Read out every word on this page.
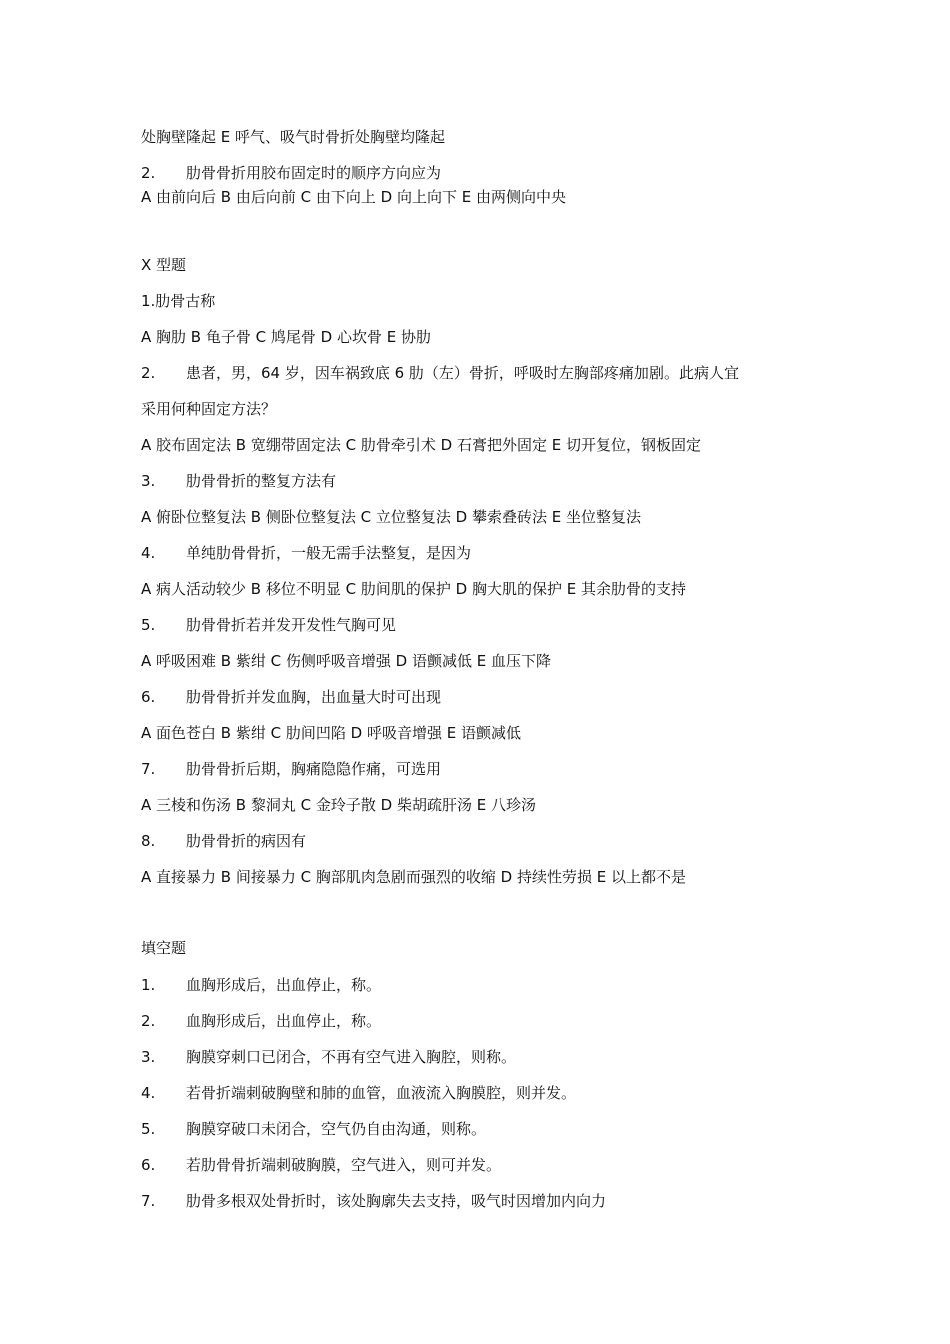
处胸壁隆起 E 呼气、吸气时骨折处胸壁均隆起
2. 肋骨骨折用胶布固定时的顺序方向应为
A 由前向后 B 由后向前 C 由下向上 D 向上向下 E 由两侧向中央
X 型题
1.肋骨古称
A 胸肋 B 龟子骨 C 鸠尾骨 D 心坎骨 E 协肋
2. 患者，男，64 岁，因车祸致底 6 肋（左）骨折，呼吸时左胸部疼痛加剧。此病人宜
采用何种固定方法？
A 胶布固定法 B 宽绷带固定法 C 肋骨牵引术 D 石膏把外固定 E 切开复位，钢板固定
3. 肋骨骨折的整复方法有
A 俯卧位整复法 B 侧卧位整复法 C 立位整复法 D 攀索叠砖法 E 坐位整复法
4. 单纯肋骨骨折，一般无需手法整复，是因为
A 病人活动较少 B 移位不明显 C 肋间肌的保护 D 胸大肌的保护 E 其余肋骨的支持
5. 肋骨骨折若并发开发性气胸可见
A 呼吸困难 B 紫绀 C 伤侧呼吸音增强 D 语颤减低 E 血压下降
6. 肋骨骨折并发血胸，出血量大时可出现
A 面色苍白 B 紫绀 C 肋间凹陷 D 呼吸音增强 E 语颤减低
7. 肋骨骨折后期，胸痛隐隐作痛，可选用
A 三棱和伤汤 B 黎洞丸 C 金玲子散 D 柴胡疏肝汤 E 八珍汤
8. 肋骨骨折的病因有
A 直接暴力 B 间接暴力 C 胸部肌肉急剧而强烈的收缩 D 持续性劳损 E 以上都不是
填空题
1. 血胸形成后，出血停止，称。
2. 血胸形成后，出血停止，称。
3. 胸膜穿刺口已闭合，不再有空气进入胸腔，则称。
4. 若骨折端刺破胸壁和肺的血管，血液流入胸膜腔，则并发。
5. 胸膜穿破口未闭合，空气仍自由沟通，则称。
6. 若肋骨骨折端刺破胸膜，空气进入，则可并发。
7. 肋骨多根双处骨折时，该处胸廓失去支持，吸气时因增加内向力
